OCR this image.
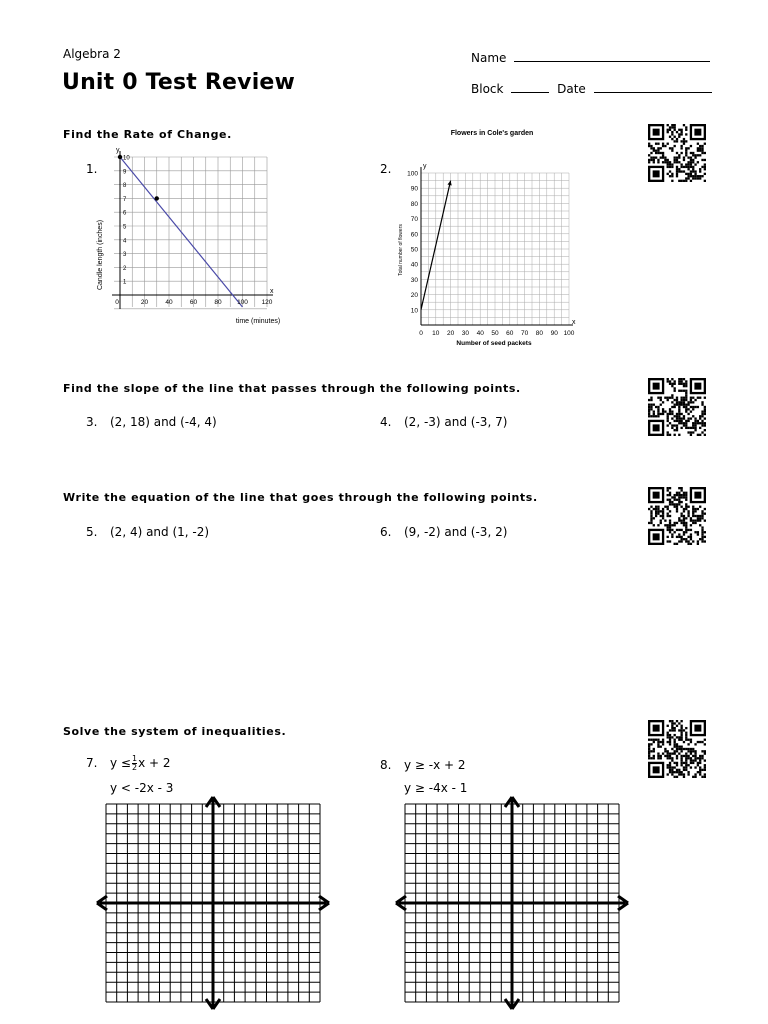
Algebra 2
Unit 0 Test Review
Name
Block	Date
Find the Rate of Change.
1.	2.
0	20	40	60	80 100 120
1
2
3
4
5
6
7
8
9
10
time (minutes)
Candle length (inches)
x
y
Flowers in Cole's garden
0 10 20 30 40 50 60 70 80 90 100
10
20
30
40
50
60
70
80
90
100
Number of seed packets
Total number of flowers
x
y
Find the slope of the line that passes through the following points.
3. (2, 18) and (-4, 4)	4. (2, -3) and (-3, 7)
Write the equation of the line that goes through the following points.
5. (2, 4) and (1, -2)	6. (9, -2) and (-3, 2)
Solve the system of inequalities.
7. $y \le \frac{1}{2}$ x + 2
y < -2x - 3
8. y ≥ -x + 2
y ≥ -4x - 1
